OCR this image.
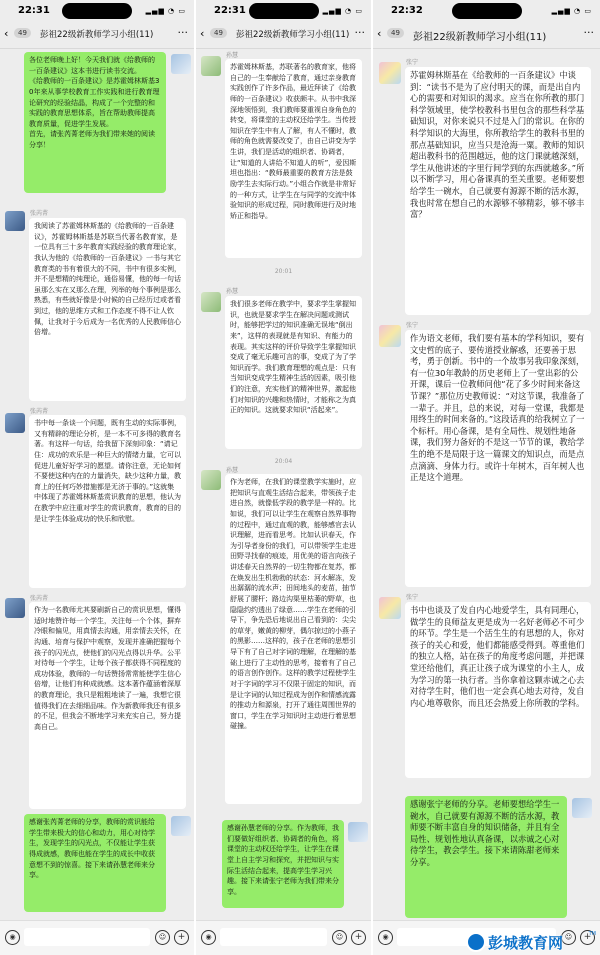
22:31	▂▄▆ ◔ ▭
‹	49	彭祖22级新教师学习小组(11) ···

各位老师晚上好！今天我们就《给教师的一百条建议》这本书进行读书交流。

《给教师的一百条建议》是苏霍姆林斯基30年来从事学校教育工作实践和进行教育理论研究的经验结晶，构成了一个完整的和实践的教育思想体系，旨在帮助教师提高教育质量，促进学生发展。

首先，请张芮菁老师为我们带来她的阅读分享！

张芮菁

我阅读了苏霍姆林斯基的《给教师的一百条建议》，苏霍姆林斯基是苏联当代著名教育家，是一位具有三十多年教育实践经验的教育理论家，我认为他的《给教师的一百条建议》一书与其它教育类的书有着很大的不同，书中有很多实例，并不是想精的纯理论，通俗易懂，他的每一句话虽那么实在又那么在理，列举的每个事例是那么熟悉，有些就好像是小时候的自己经历过或者看到过，他的思维方式和工作态度不得不让人钦佩，让我对于今后成为一名优秀的人民教师信心倍增。

张芮菁

书中每一条谈一个问题，既有生动的实际事例，又有精辟的理论分析，是一本不可多得的教育名著。有这样一句话，给我留下深刻印象：“请记住：成功的欢乐是一种巨大的情绪力量，它可以促进儿童好好学习的愿望。请你注意，无论如何不要使这种内在的力量消失，缺少这种力量，教育上的任何巧妙措施都是无济于事的。”这就集中体现了苏霍姆林斯基赏识教育的思想，他认为在教学中应注重对学生的赏识教育，教育的目的是让学生体验成功的快乐和欣慰。

张芮菁

作为一名教师尤其要刷新自己的赏识思想，懂得适时地赞许每一个学生，关注每一个个体，摒弃冷眼和偏见，用真情去沟通，用亲情去关怀，在沟通、培育与保护中观察，发现并准确把握每个孩子的闪光点，使他们的闪光点得以升华。公平对待每一个学生，让每个孩子都获得不同程度的成功体验，教师的一句话赞扬常常能使学生信心倍增，让他们有种成就感。这本著作蕴涵着深厚的教育理论，我只是粗粗地读了一遍，我想它很值得我们在去细细品味。作为新教师我还有很多的不足，但我会不断地学习来充实自己，努力提高自己。

感谢张芮菁老师的分享，教师的赏识能给学生带来极大的信心和动力，用心对待学生，发现学生的闪光点，不仅能让学生获得成就感，教师也能在学生的成长中收获意想不到的惊喜。接下来请孙慧老师来分享。

◉	☺	+
22:31	▂▄▆ ◔ ▭
‹	49	彭祖22级新教师学习小组(11) ···
孙慧

苏霍姆林斯基，苏联著名的教育家，他将自己的一生奉献给了教育，通过亲身教育实践创作了许多作品，最近拜读了《给教师的一百条建议》收获颇丰。从书中我深深地领悟到，我们教师要重视自身角色的转变，将课堂的主动权还给学生。当传授知识在学生中有人了解，有人不懂时，教师的角色就需要改变了，由自己讲变为学生讲，我们是活动的组织者、协调者，让“知道的人讲给不知道人的听”，爱因斯坦也指出：“教师最重要的教育方法是鼓励学生去实际行动。”小组合作就是非常好的一种方式，让学生在与同学的交流中体验知识的形成过程，同时教师进行及时地矫正和指导。

20:01
孙慧

我们很多老师在教学中，要求学生掌握知识，也就是要求学生在解决问题或测试时，能够把学过的知识准确无误地“倒出来”，这样的表现就是有知识、有能力的表现。其实这样的评价导致学生掌握知识变成了毫无乐趣可言的事，变成了为了学知识而学。我们教育理想的观点是：只有当知识变成学生精神生活的因素，吸引他们的注意，充实他们的精神世界，激起他们对知识的兴趣和热情时，才能称之为真正的知识。这就要求知识“活起来”。

20:04
孙慧

作为老师，在我们的课堂教学实施时，应把知识与直观生活结合起来，带领孩子走进自然，就像低学段的教学是一样的。比如说，我们可以让学生在观察自然界事物的过程中，通过直观的教，能够感官去认识理解，进而看思考。比如认识春天，作为引导者身份的我们，可以带领学生走进田野寻找春的痕迹，用优美的语言向孩子讲述春天自然界的一切生物都在复苏，都在焕发出生机勃勃的状态：河水解冻，发出潺潺的流水声；田间地头的麦苗，抽节舒展了腰杆；路边沟渠里枯萎的野草，也隐隐约约透出了绿意……学生在老师的引导下，争先恐后地说出自己看到的：尖尖的草芽，嫩黄的柳芽，偶尔掠过的小燕子的黑影……这样的，孩子在老师的思想引导下有了自己对字词的理解，在理解的基础上进行了主动性的思考，接着有了自己的语言创作创作。这样的教学过程使学生对于字词的学习不仅限于固定的知识，而是让字词的认知过程成为创作和情感流露的推动力和源泉，打开了通往周围世界的窗口，学生在学习知识时主动进行着思想碰撞。

感谢孙慧老师的分享。作为教师，我们要做好组织者、协调者的角色，将课堂的主动权还给学生，让学生在课堂上自主学习和探究，并把知识与实际生活结合起来，提高学生学习兴趣。接下来请张宁老师为我们带来分享。

◉	☺	+
22:32	▂▄▆ ◔ ▭
‹	49	彭祖22级新教师学习小组(11)	···
张宁

苏霍姆林斯基在《给教师的一百条建议》中谈到：“读书不是为了应付明天的课，而是出自内心的需要和对知识的渴求。应当在你所教的那门科学领域里，使学校教科书里包含的那些科学基础知识，对你来说只不过是入门的常识。在你的科学知识的大海里，你所教给学生的教科书里的那点基础知识，应当只是沧海一粟。教师的知识超出教科书的范围越远，他的这门课就越深刻，学生从他讲述的字里行间学到的东西就越多。”所以不断学习，用心备课真的至关重要。老师要想给学生一碗水，自己就要有源源不断的活水源，我也时常在想自己的水源够不够精彩，够不够丰富？

张宁

作为语文老师，我们要有基本的学科知识，要有文史哲的底子、要传道授业解惑，还要善于思考，勇于创新。书中的一个故事另我印象深刻，有一位30年教龄的历史老师上了一堂出彩的公开课，课后一位教师问他“花了多少时间来备这节课？”那位历史教师说：“对这节课，我准备了一辈子。并且，总的来说，对每一堂课，我都是用终生的时间来备的。”这段话真的给我树立了一个标杆。用心备课，是有全局性、规划性地备课，我们努力备好的不是这一节节的课，教给学生的绝不是局限于这一篇课文的知识点，而是点点滴滴、身体力行。或许十年树木，百年树人也正是这个道理。

张宁

书中也谈及了发自内心地爱学生，具有同理心，做学生的良师益友更是成为一名好老师必不可少的环节。学生是一个活生生的有思想的人，你对孩子的关心和爱，他们都能感受得到。尊重他们的独立人格，站在孩子的角度考虑问题，并把课堂还给他们，真正让孩子成为课堂的小主人，成为学习的第一执行者。当你拿着这颗赤诚之心去对待学生时，他们也一定会真心地去对待，发自内心地尊敬你，而且还会热爱上你所教的学科。

感谢张宁老师的分享。老师要想给学生一碗水，自己就要有源源不断的活水源，教师要不断丰富自身的知识储备，并且有全局性、规划性地认真备课，以赤诚之心对待学生，教会学生。接下来请陈甜老师来分享。

◉	☺	+
彭城教育网	TM
